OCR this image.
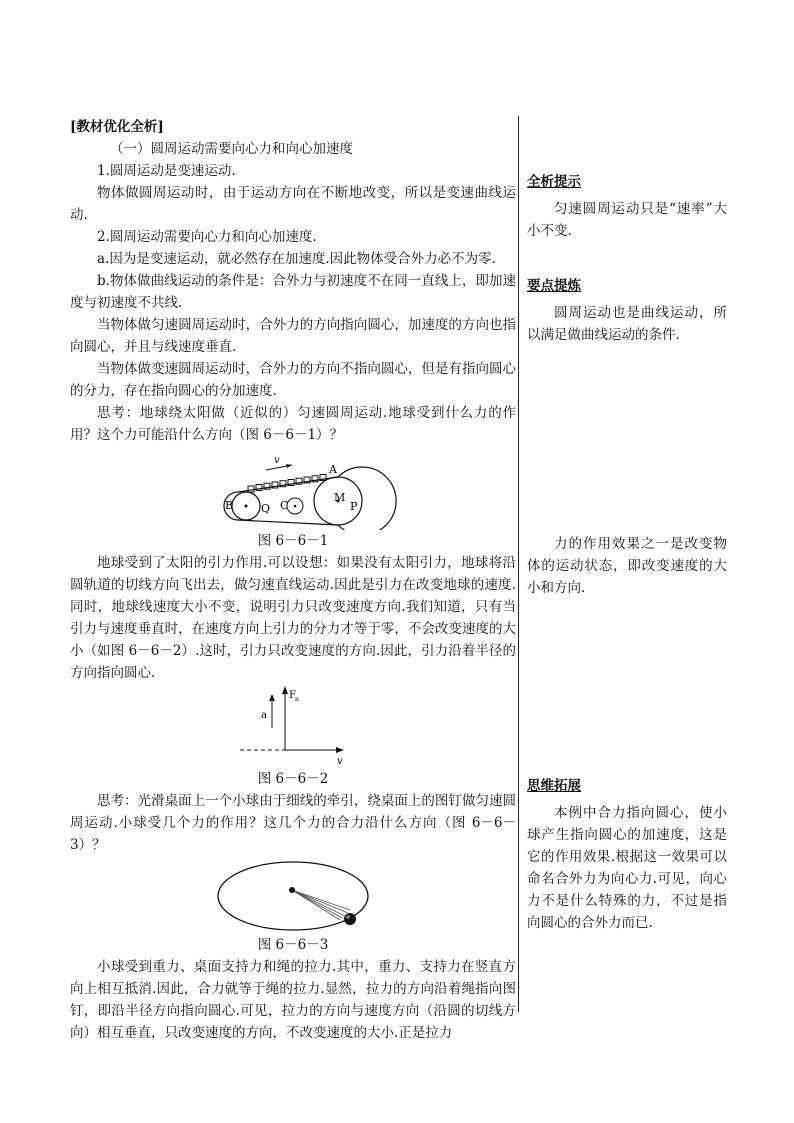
[教材优化全析]

（一）圆周运动需要向心力和向心加速度

1.圆周运动是变速运动.

物体做圆周运动时，由于运动方向在不断地改变，所以是变速曲线运动.

2.圆周运动需要向心力和向心加速度.

a.因为是变速运动，就必然存在加速度.因此物体受合外力必不为零.

b.物体做曲线运动的条件是：合外力与初速度不在同一直线上，即加速度与初速度不共线.

当物体做匀速圆周运动时，合外力的方向指向圆心，加速度的方向也指向圆心，并且与线速度垂直.

当物体做变速圆周运动时，合外力的方向不指向圆心，但是有指向圆心的分力，存在指向圆心的分加速度.

思考：地球绕太阳做（近似的）匀速圆周运动.地球受到什么力的作用？这个力可能沿什么方向（图 6－6－1）？

v
A
B	Q C
M
P
图 6－6－1

地球受到了太阳的引力作用.可以设想：如果没有太阳引力，地球将沿圆轨道的切线方向飞出去，做匀速直线运动.因此是引力在改变地球的速度.同时，地球线速度大小不变，说明引力只改变速度方向.我们知道，只有当引力与速度垂直时，在速度方向上引力的分力才等于零，不会改变速度的大小（如图 6－6－2）.这时，引力只改变速度的方向.因此，引力沿着半径的方向指向圆心.

a
F n
v
图 6－6－2

思考：光滑桌面上一个小球由于细线的牵引，绕桌面上的图钉做匀速圆周运动.小球受几个力的作用？这几个力的合力沿什么方向（图 6－6－3）？

图 6－6－3

小球受到重力、桌面支持力和绳的拉力.其中，重力、支持力在竖直方向上相互抵消.因此，合力就等于绳的拉力.显然，拉力的方向沿着绳指向图钉，即沿半径方向指向圆心.可见，拉力的方向与速度方向（沿圆的切线方向）相互垂直，只改变速度的方向，不改变速度的大小.正是拉力

全析提示
匀速圆周运动只是“速率”大小不变.
要点提炼
圆周运动也是曲线运动，所以满足做曲线运动的条件.
力的作用效果之一是改变物体的运动状态，即改变速度的大小和方向.
思维拓展
本例中合力指向圆心，使小球产生指向圆心的加速度，这是它的作用效果.根据这一效果可以命名合外力为向心力.可见，向心力不是什么特殊的力，不过是指向圆心的合外力而已.
